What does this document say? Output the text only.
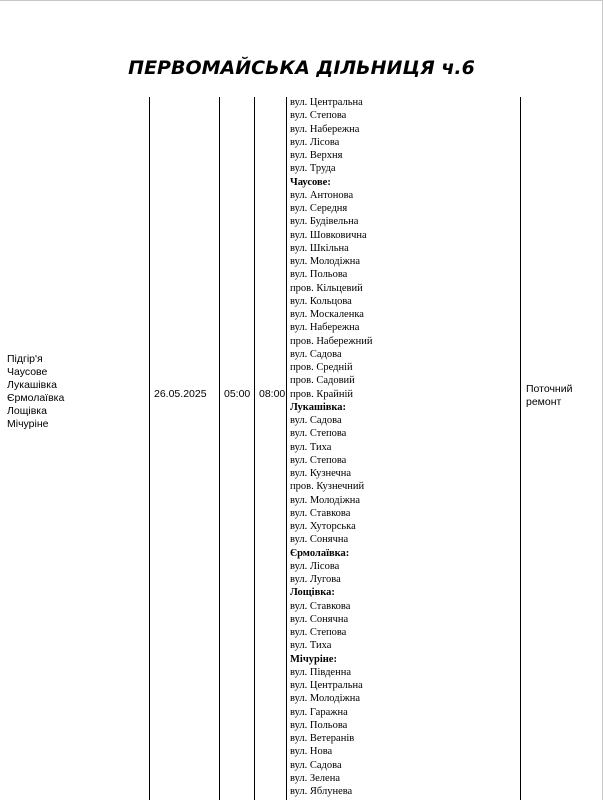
ПЕРВОМАЙСЬКА ДІЛЬНИЦЯ ч.6
Підгір'я
Чаусове
Лукашівка
Єрмолаївка
Лощівка
Мічуріне
26.05.2025 05:00 08:00	Поточний
ремонт
вул. Центральна
вул. Степова
вул. Набережна
вул. Лісова
вул. Верхня
вул. Труда
Чаусове:
вул. Антонова
вул. Середня
вул. Будівельна
вул. Шовковична
вул. Шкільна
вул. Молодіжна
вул. Польова
пров. Кільцевий
вул. Кольцова
вул. Москаленка
вул. Набережна
пров. Набережний
вул. Садова
пров. Средній
пров. Садовий
пров. Крайній
Лукашівка:
вул. Садова
вул. Степова
вул. Тиха
вул. Степова
вул. Кузнечна
пров. Кузнечний
вул. Молодіжна
вул. Ставкова
вул. Хуторська
вул. Сонячна
Єрмолаївка:
вул. Лісова
вул. Лугова
Лощівка:
вул. Ставкова
вул. Сонячна
вул. Степова
вул. Тиха
Мічуріне:
вул. Південна
вул. Центральна
вул. Молодіжна
вул. Гаражна
вул. Польова
вул. Ветеранів
вул. Нова
вул. Садова
вул. Зелена
вул. Яблунева
